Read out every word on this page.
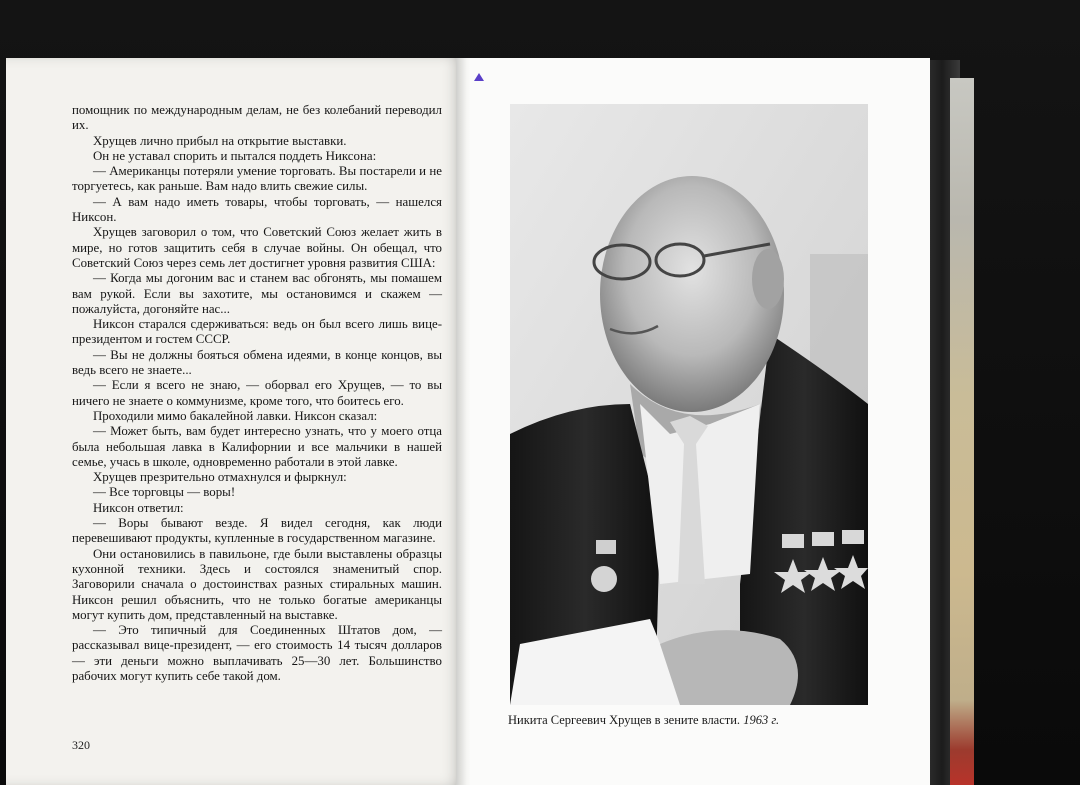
помощник по международным делам, не без колебаний переводил их.

Хрущев лично прибыл на открытие выставки.

Он не уставал спорить и пытался поддеть Никсона:

— Американцы потеряли умение торговать. Вы постарели и не торгуетесь, как раньше. Вам надо влить свежие силы.

— А вам надо иметь товары, чтобы торговать, — нашелся Никсон.

Хрущев заговорил о том, что Советский Союз желает жить в мире, но готов защитить себя в случае войны. Он обещал, что Советский Союз через семь лет достигнет уровня развития США:

— Когда мы догоним вас и станем вас обгонять, мы помашем вам рукой. Если вы захотите, мы остановимся и скажем — пожалуйста, догоняйте нас...

Никсон старался сдерживаться: ведь он был всего лишь вице-президентом и гостем СССР.

— Вы не должны бояться обмена идеями, в конце концов, вы ведь всего не знаете...

— Если я всего не знаю, — оборвал его Хрущев, — то вы ничего не знаете о коммунизме, кроме того, что боитесь его.

Проходили мимо бакалейной лавки. Никсон сказал:

— Может быть, вам будет интересно узнать, что у моего отца была небольшая лавка в Калифорнии и все мальчики в нашей семье, учась в школе, одновременно работали в этой лавке.

Хрущев презрительно отмахнулся и фыркнул:

— Все торговцы — воры!

Никсон ответил:

— Воры бывают везде. Я видел сегодня, как люди перевешивают продукты, купленные в государственном магазине.

Они остановились в павильоне, где были выставлены образцы кухонной техники. Здесь и состоялся знаменитый спор. Заговорили сначала о достоинствах разных стиральных машин. Никсон решил объяснить, что не только богатые американцы могут купить дом, представленный на выставке.

— Это типичный для Соединенных Штатов дом, — рассказывал вице-президент, — его стоимость 14 тысяч долларов — эти деньги можно выплачивать 25—30 лет. Большинство рабочих могут купить себе такой дом.

320
Никита Сергеевич Хрущев в зените власти. 1963 г.
